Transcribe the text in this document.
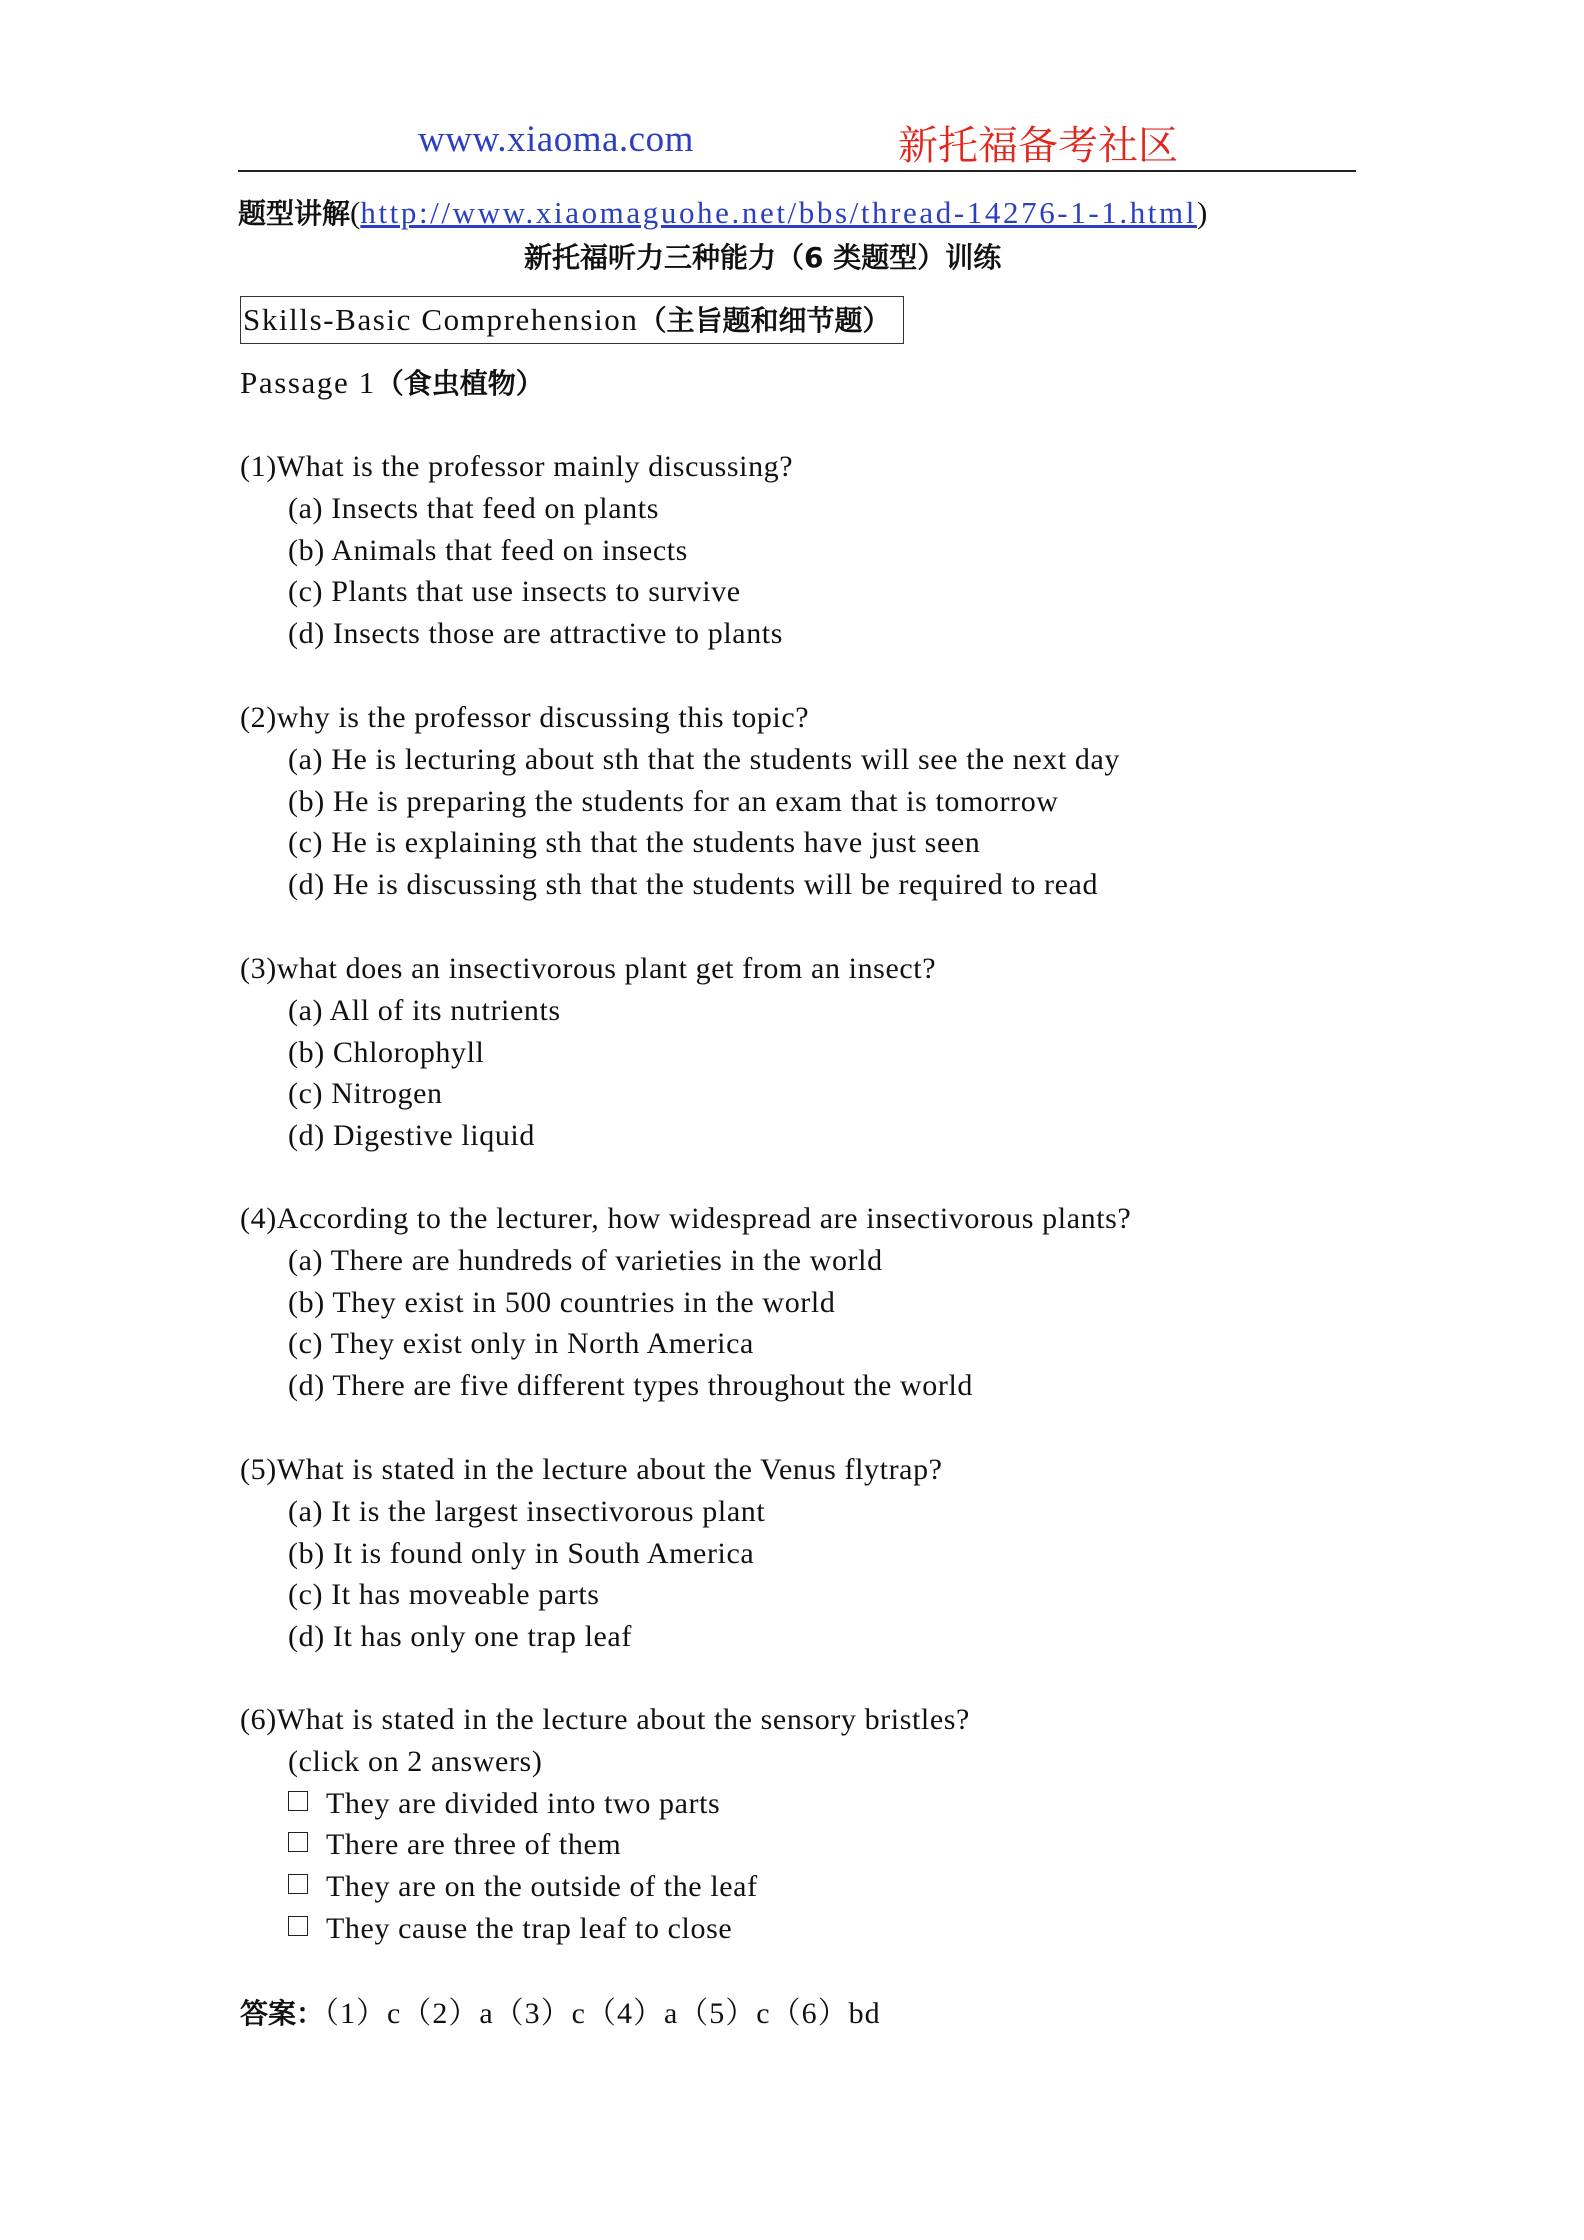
www.xiaoma.com	新托福备考社区
题型讲解(http://www.xiaomaguohe.net/bbs/thread-14276-1-1.html)
新托福听力三种能力（6 类题型）训练
Skills-Basic Comprehension（主旨题和细节题）
Passage 1（食虫植物）
(1)What is the professor mainly discussing?
(a) Insects that feed on plants
(b) Animals that feed on insects
(c) Plants that use insects to survive
(d) Insects those are attractive to plants
(2)why is the professor discussing this topic?
(a) He is lecturing about sth that the students will see the next day
(b) He is preparing the students for an exam that is tomorrow
(c) He is explaining sth that the students have just seen
(d) He is discussing sth that the students will be required to read
(3)what does an insectivorous plant get from an insect?
(a) All of its nutrients
(b) Chlorophyll
(c) Nitrogen
(d) Digestive liquid
(4)According to the lecturer, how widespread are insectivorous plants?
(a) There are hundreds of varieties in the world
(b) They exist in 500 countries in the world
(c) They exist only in North America
(d) There are five different types throughout the world
(5)What is stated in the lecture about the Venus flytrap?
(a) It is the largest insectivorous plant
(b) It is found only in South America
(c) It has moveable parts
(d) It has only one trap leaf
(6)What is stated in the lecture about the sensory bristles?
(click on 2 answers)
They are divided into two parts
There are three of them
They are on the outside of the leaf
They cause the trap leaf to close
答案：（1）c（2）a（3）c（4）a（5）c（6）bd
